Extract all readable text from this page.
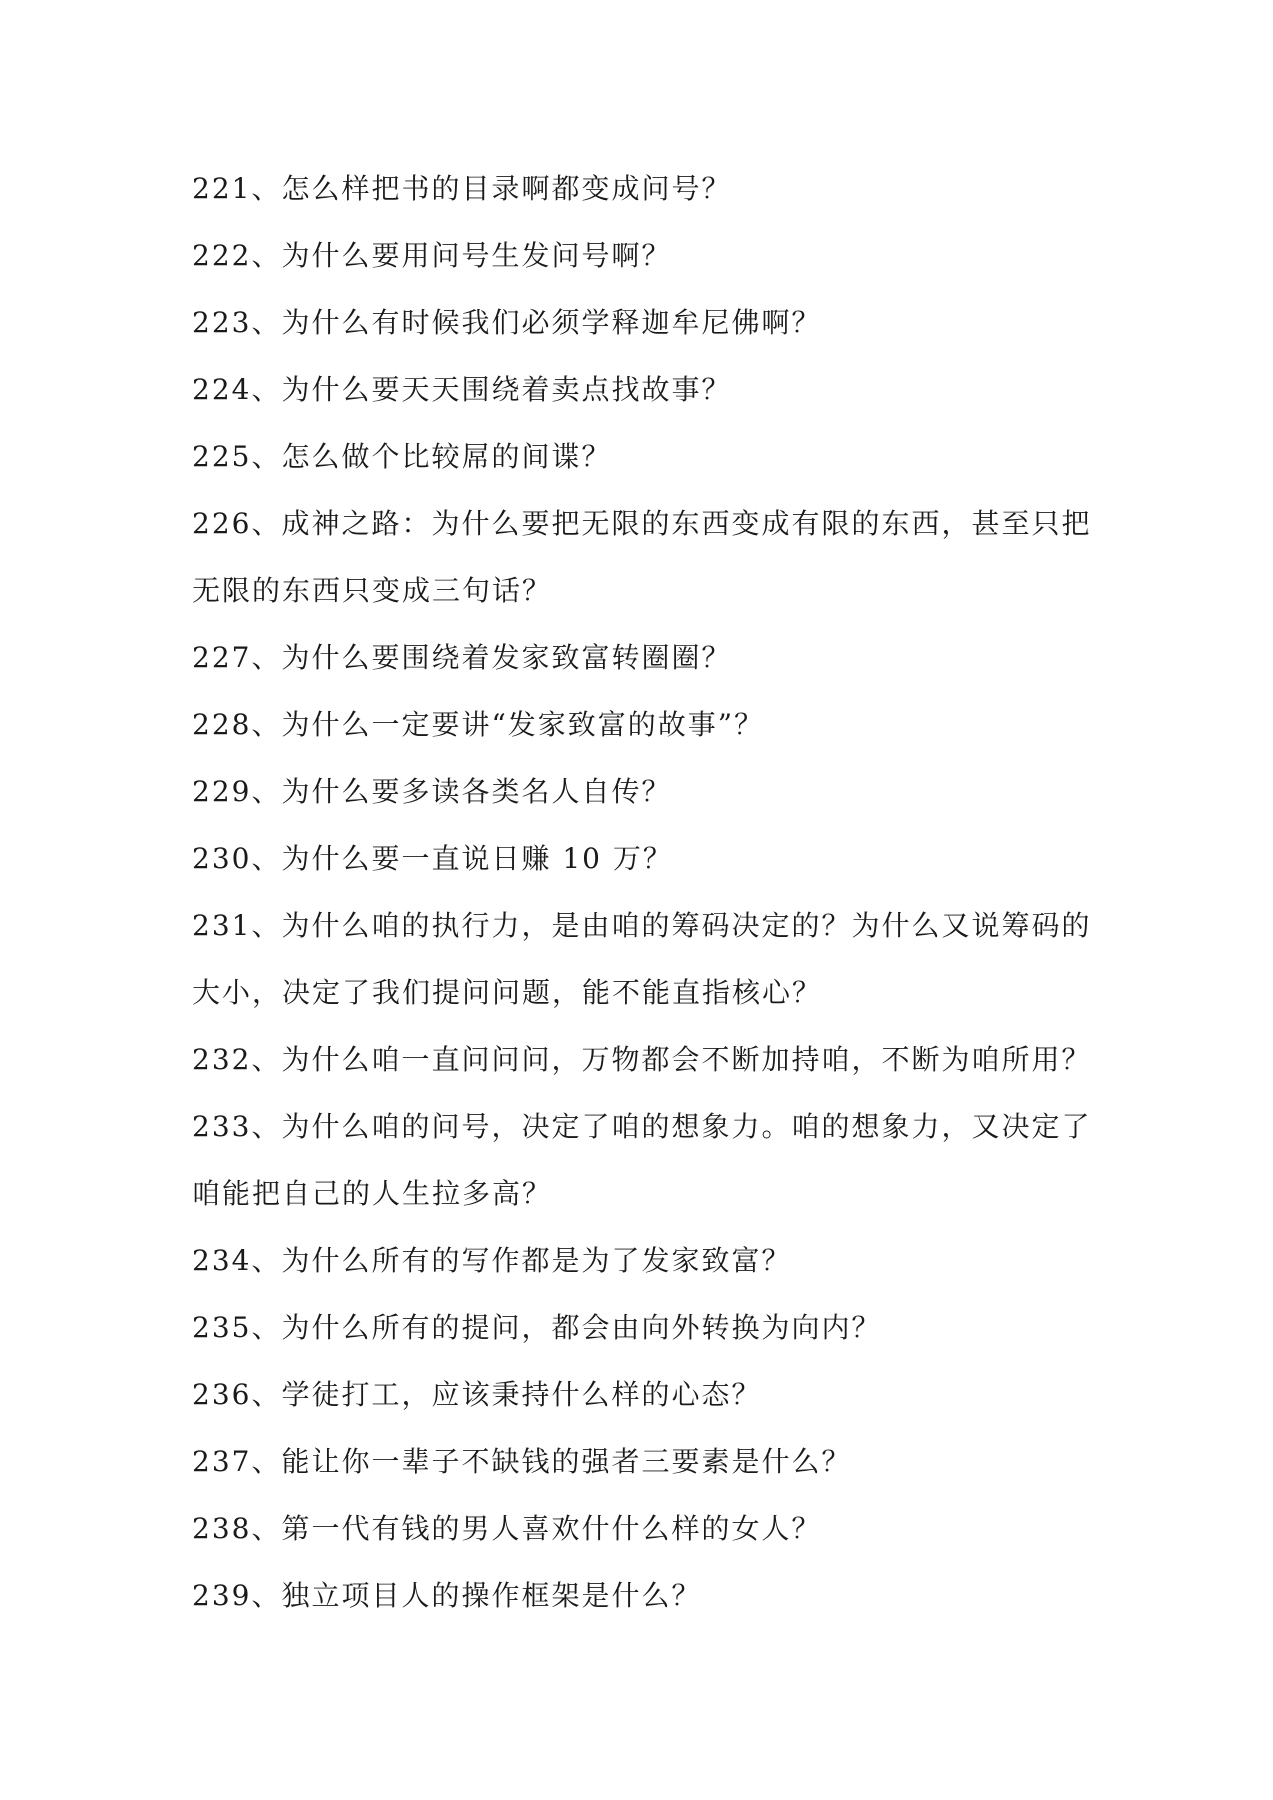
221、怎么样把书的目录啊都变成问号？
222、为什么要用问号生发问号啊？
223、为什么有时候我们必须学释迦牟尼佛啊？
224、为什么要天天围绕着卖点找故事？
225、怎么做个比较屌的间谍？
226、成神之路：为什么要把无限的东西变成有限的东西，甚至只把
无限的东西只变成三句话？
227、为什么要围绕着发家致富转圈圈？
228、为什么一定要讲“发家致富的故事”？
229、为什么要多读各类名人自传？
230、为什么要一直说日赚 10 万？
231、为什么咱的执行力，是由咱的筹码决定的？为什么又说筹码的
大小，决定了我们提问问题，能不能直指核心？
232、为什么咱一直问问问，万物都会不断加持咱，不断为咱所用？
233、为什么咱的问号，决定了咱的想象力。咱的想象力，又决定了
咱能把自己的人生拉多高？
234、为什么所有的写作都是为了发家致富？
235、为什么所有的提问，都会由向外转换为向内？
236、学徒打工，应该秉持什么样的心态？
237、能让你一辈子不缺钱的强者三要素是什么？
238、第一代有钱的男人喜欢什什么样的女人？
239、独立项目人的操作框架是什么？
